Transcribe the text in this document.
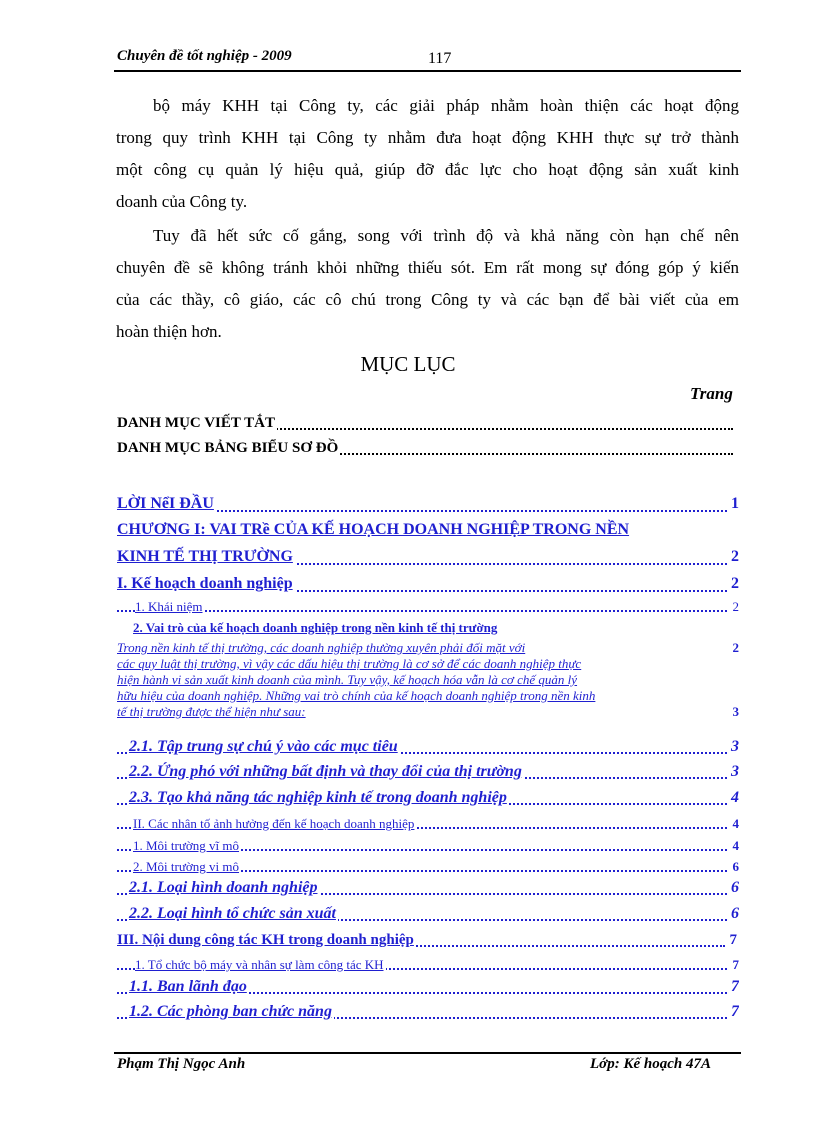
Chuyên đề tốt nghiệp - 2009	117
bộ máy KHH tại Công ty, các giải pháp nhằm hoàn thiện các hoạt động
trong quy trình KHH tại Công ty nhằm đưa hoạt động KHH thực sự trở thành
một công cụ quản lý hiệu quả, giúp đỡ đắc lực cho hoạt động sản xuất kinh
doanh của Công ty.
Tuy đã hết sức cố gắng, song với trình độ và khả năng còn hạn chế nên
chuyên đề sẽ không tránh khỏi những thiếu sót. Em rất mong sự đóng góp ý kiến
của các thầy, cô giáo, các cô chú trong Công ty và các bạn để bài viết của em
hoàn thiện hơn.
MỤC LỤC
Trang
DANH MỤC VIẾT TẮT
DANH MỤC BẢNG BIỂU SƠ ĐỒ
LỜI NểI ĐẦU	1
CHƯƠNG I: VAI TRề CỦA KẾ HOẠCH DOANH NGHIỆP TRONG NỀN
KINH TẾ THỊ TRƯỜNG	2
I. Kế hoạch doanh nghiệp	2
1. Khái niệm	2
2. Vai trò của kế hoạch doanh nghiệp trong nền kinh tế thị trường
Trong nền kinh tế thị trường, các doanh nghiệp thường xuyên phải đối mặt với	2
các quy luật thị trường, vì vậy các dấu hiệu thị trường là cơ sở để các doanh nghiệp thực
hiện hành vi sản xuất kinh doanh của mình. Tuy vậy, kế hoạch hóa vẫn là cơ chế quản lý
hữu hiệu của doanh nghiệp. Những vai trò chính của kế hoạch doanh nghiệp trong nền kinh
tế thị trường được thể hiện như sau:	3
2.1. Tập trung sự chú ý vào các mục tiêu	3
2.2. Ứng phó với những bất định và thay đổi của thị trường	3
2.3. Tạo khả năng tác nghiệp kinh tế trong doanh nghiệp	4
II. Các nhân tố ảnh hưởng đến kế hoạch doanh nghiệp	4
1. Môi trường vĩ mô	4
2. Môi trường vi mô	6
2.1. Loại hình doanh nghiệp	6
2.2. Loại hình tổ chức sản xuất	6
III. Nội dung công tác KH trong doanh nghiệp	7
1. Tổ chức bộ máy và nhân sự làm công tác KH	7
1.1. Ban lãnh đạo	7
1.2. Các phòng ban chức năng	7
Phạm Thị Ngọc Anh	Lớp: Kế hoạch 47A
